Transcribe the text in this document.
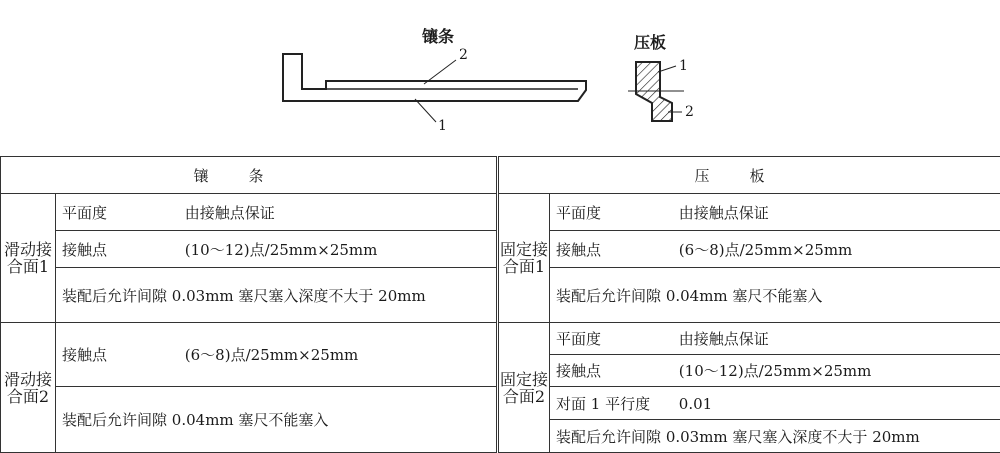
镶条
2
1
压板
1
2
镶条		压板	
滑动接合面1	平面度 由接触点保证	固定接合面1	平面度 由接触点保证
	接触点 (10～12)点/25mm×25mm		接触点 (6～8)点/25mm×25mm
	装配后允许间隙 0.03mm 塞尺塞入深度不大于 20mm		装配后允许间隙 0.04mm 塞尺不能塞入
滑动接合面2	接触点 (6～8)点/25mm×25mm	固定接合面2	平面度 由接触点保证
			接触点 (10～12)点/25mm×25mm
	装配后允许间隙 0.04mm 塞尺不能塞入		对面 1 平行度 0.01
			装配后允许间隙 0.03mm 塞尺塞入深度不大于 20mm
